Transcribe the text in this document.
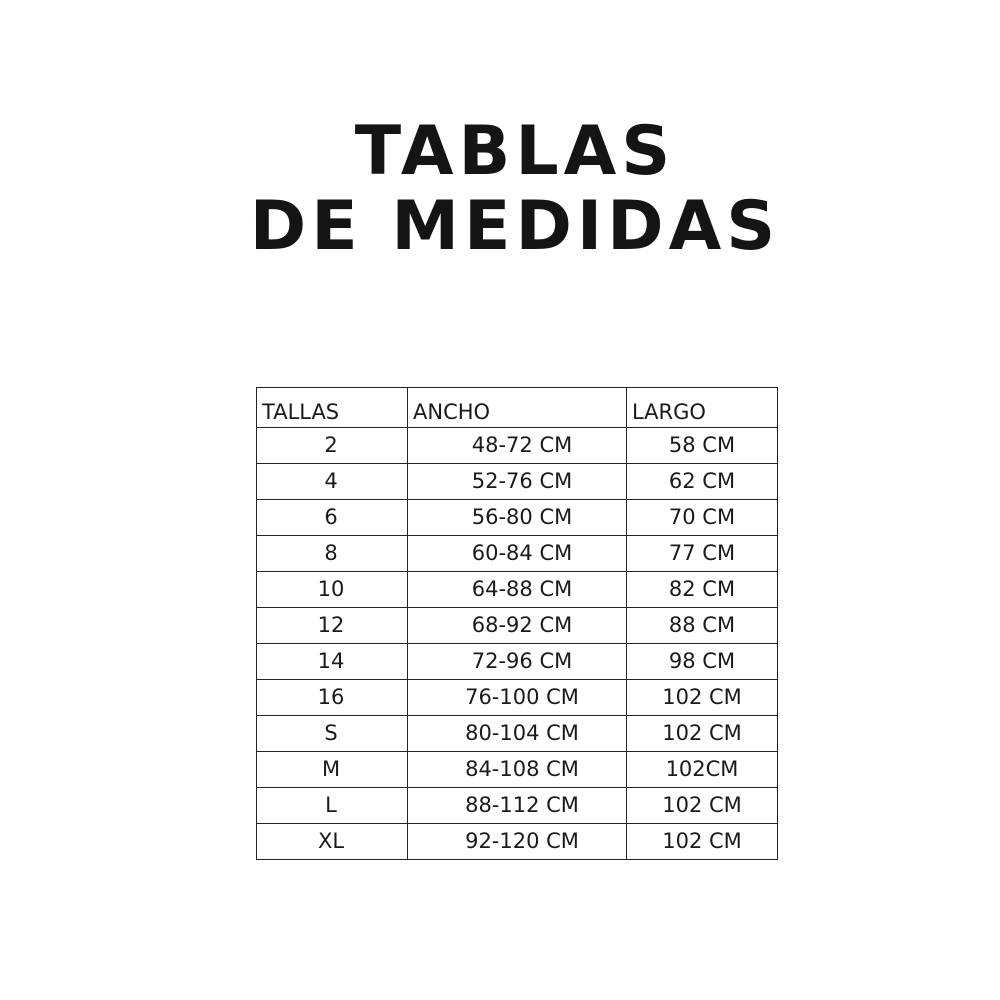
TABLAS
DE MEDIDAS
TALLAS	ANCHO	LARGO
2	48-72 CM	58 CM
4	52-76 CM	62 CM
6	56-80 CM	70 CM
8	60-84 CM	77 CM
10	64-88 CM	82 CM
12	68-92 CM	88 CM
14	72-96 CM	98 CM
16	76-100 CM	102 CM
S	80-104 CM	102 CM
M	84-108 CM	102CM
L	88-112 CM	102 CM
XL	92-120 CM	102 CM
